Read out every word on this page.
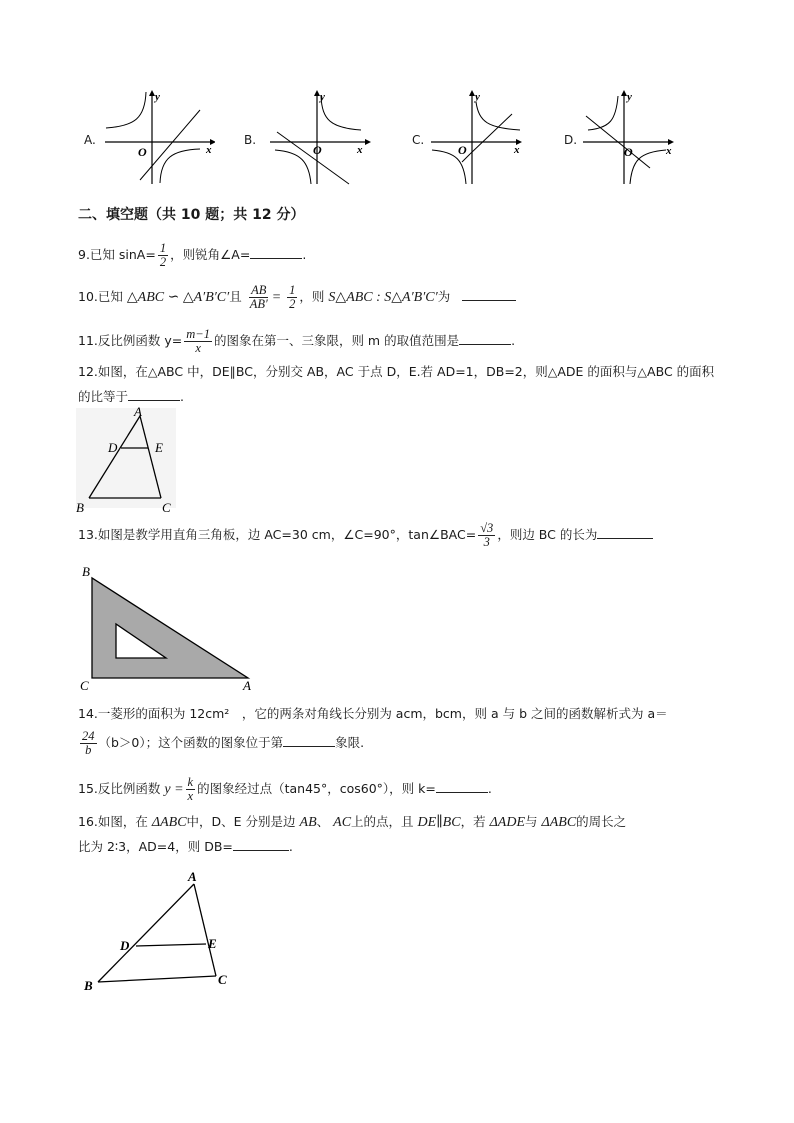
A.
y
x
O
B.
y
x
O
C.
y
x
O
D.
y
x
O
二、填空题（共 10 题；共 12 分）
9.已知 $\sin A= \frac{1}{2}$ ，则锐角∠A=	.
10.已知 △ABC ∽ △A′B′C′且 $\frac{AB}{AB'} = \frac{1}{2}$ ，则 S△ABC : S△A′B′C′为
11.反比例函数 $y= \frac{m-1}{x}$ 的图象在第一、三象限，则 m 的取值范围是	.
12.如图，在△ABC 中，DE∥BC，分别交 AB，AC 于点 D，E.若 AD=1，DB=2，则△ADE 的面积与△ABC 的面积
的比等于	.
A
D	E
B	C
13.如图是教学用直角三角板，边 AC=30 cm，∠C=90°，tan∠BAC= $\frac{√3}{3}$ ，则边 BC 的长为
B
C	A
14.一菱形的面积为 12cm²　，它的两条对角线长分别为 acm，bcm，则 a 与 b 之间的函数解析式为 a＝
$\frac{24}{b} (b>0)$；这个函数的图象位于第	象限.
15.反比例函数 $y = \frac{k}{x}$ 的图象经过点（tan45°，cos60°），则 k=	.
16.如图，在 ΔABC中，D、E 分别是边 AB、 AC上的点，且 DE∥BC，若 ΔADE与 ΔABC的周长之
比为 2∶3，AD=4，则 DB=	.
A
D	E
B	C
